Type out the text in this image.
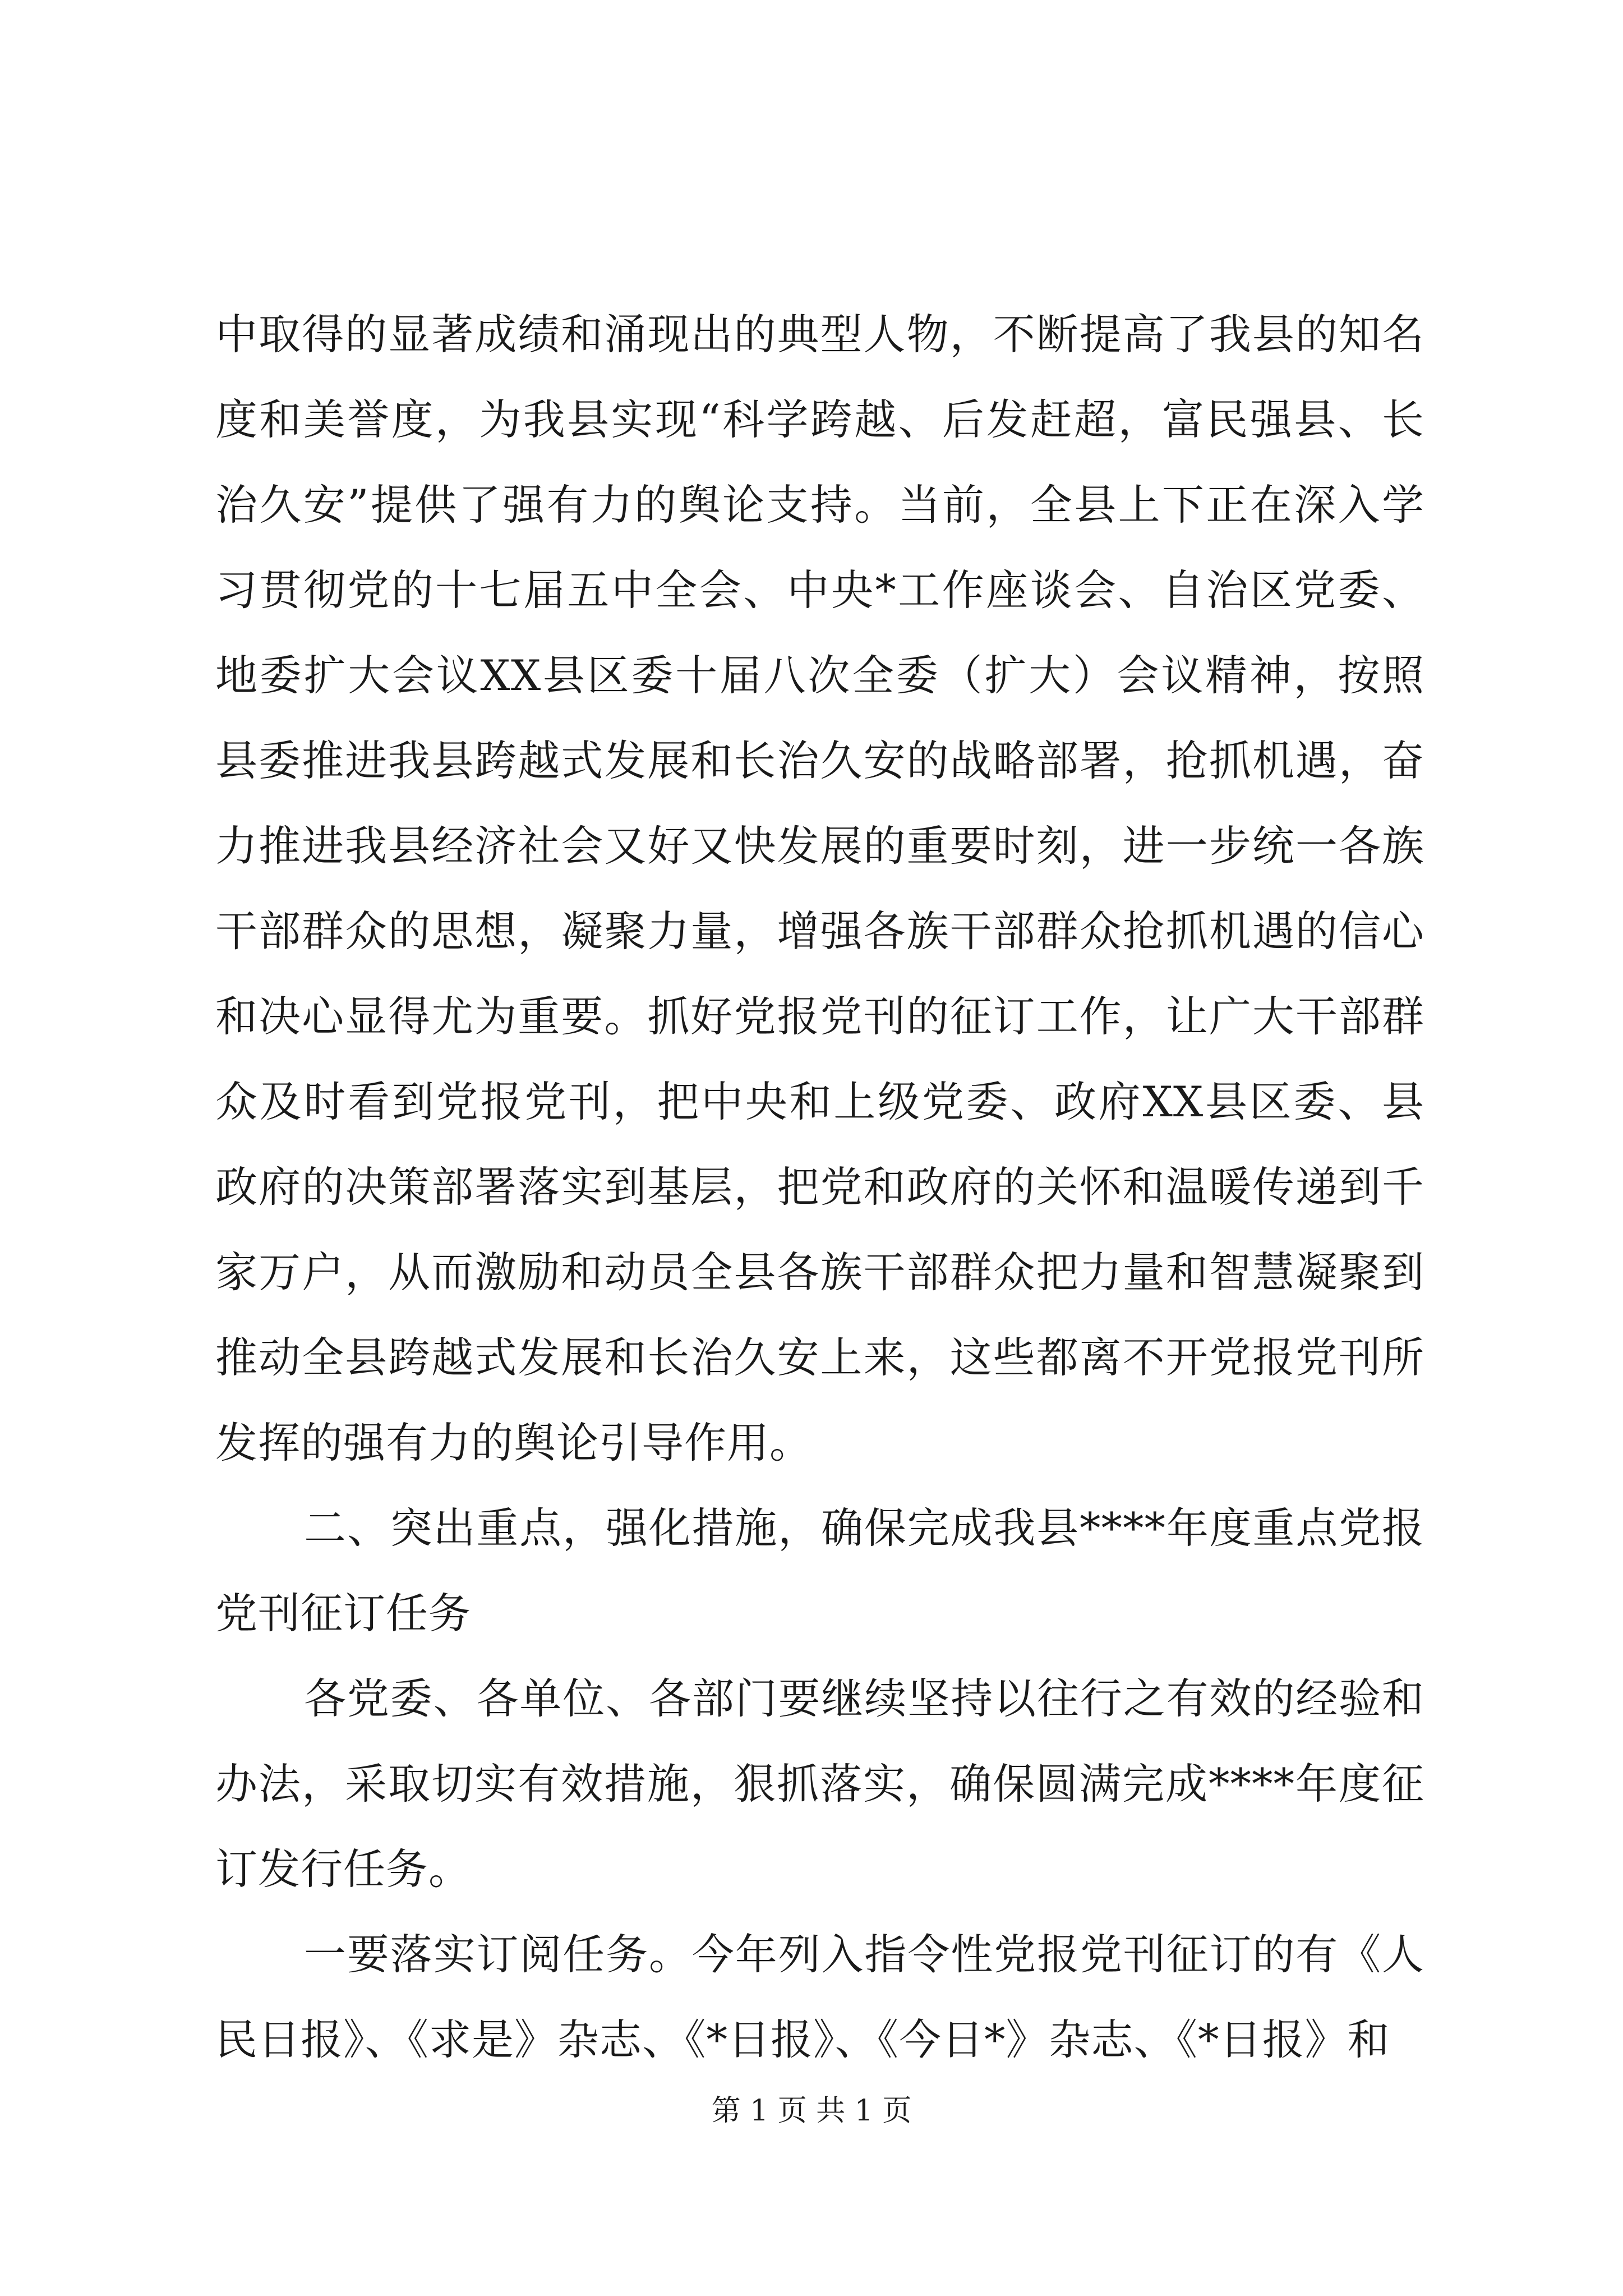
中取得的显著成绩和涌现出的典型人物，不断提高了我县的知名度和美誉度，为我县实现“科学跨越、后发赶超，富民强县、长治久安”提供了强有力的舆论支持。当前，全县上下正在深入学习贯彻党的十七届五中全会、中央*工作座谈会、自治区党委、地委扩大会议XX县区委十届八次全委（扩大）会议精神，按照县委推进我县跨越式发展和长治久安的战略部署，抢抓机遇，奋力推进我县经济社会又好又快发展的重要时刻，进一步统一各族干部群众的思想，凝聚力量，增强各族干部群众抢抓机遇的信心和决心显得尤为重要。抓好党报党刊的征订工作，让广大干部群众及时看到党报党刊，把中央和上级党委、政府XX县区委、县政府的决策部署落实到基层，把党和政府的关怀和温暖传递到千家万户，从而激励和动员全县各族干部群众把力量和智慧凝聚到推动全县跨越式发展和长治久安上来，这些都离不开党报党刊所发挥的强有力的舆论引导作用。

二、突出重点，强化措施，确保完成我县****年度重点党报党刊征订任务

各党委、各单位、各部门要继续坚持以往行之有效的经验和办法，采取切实有效措施，狠抓落实，确保圆满完成****年度征订发行任务。

一要落实订阅任务。今年列入指令性党报党刊征订的有《人民日报》、《求是》杂志、《*日报》、《今日*》杂志、《*日报》和

第 1 页 共 1 页
